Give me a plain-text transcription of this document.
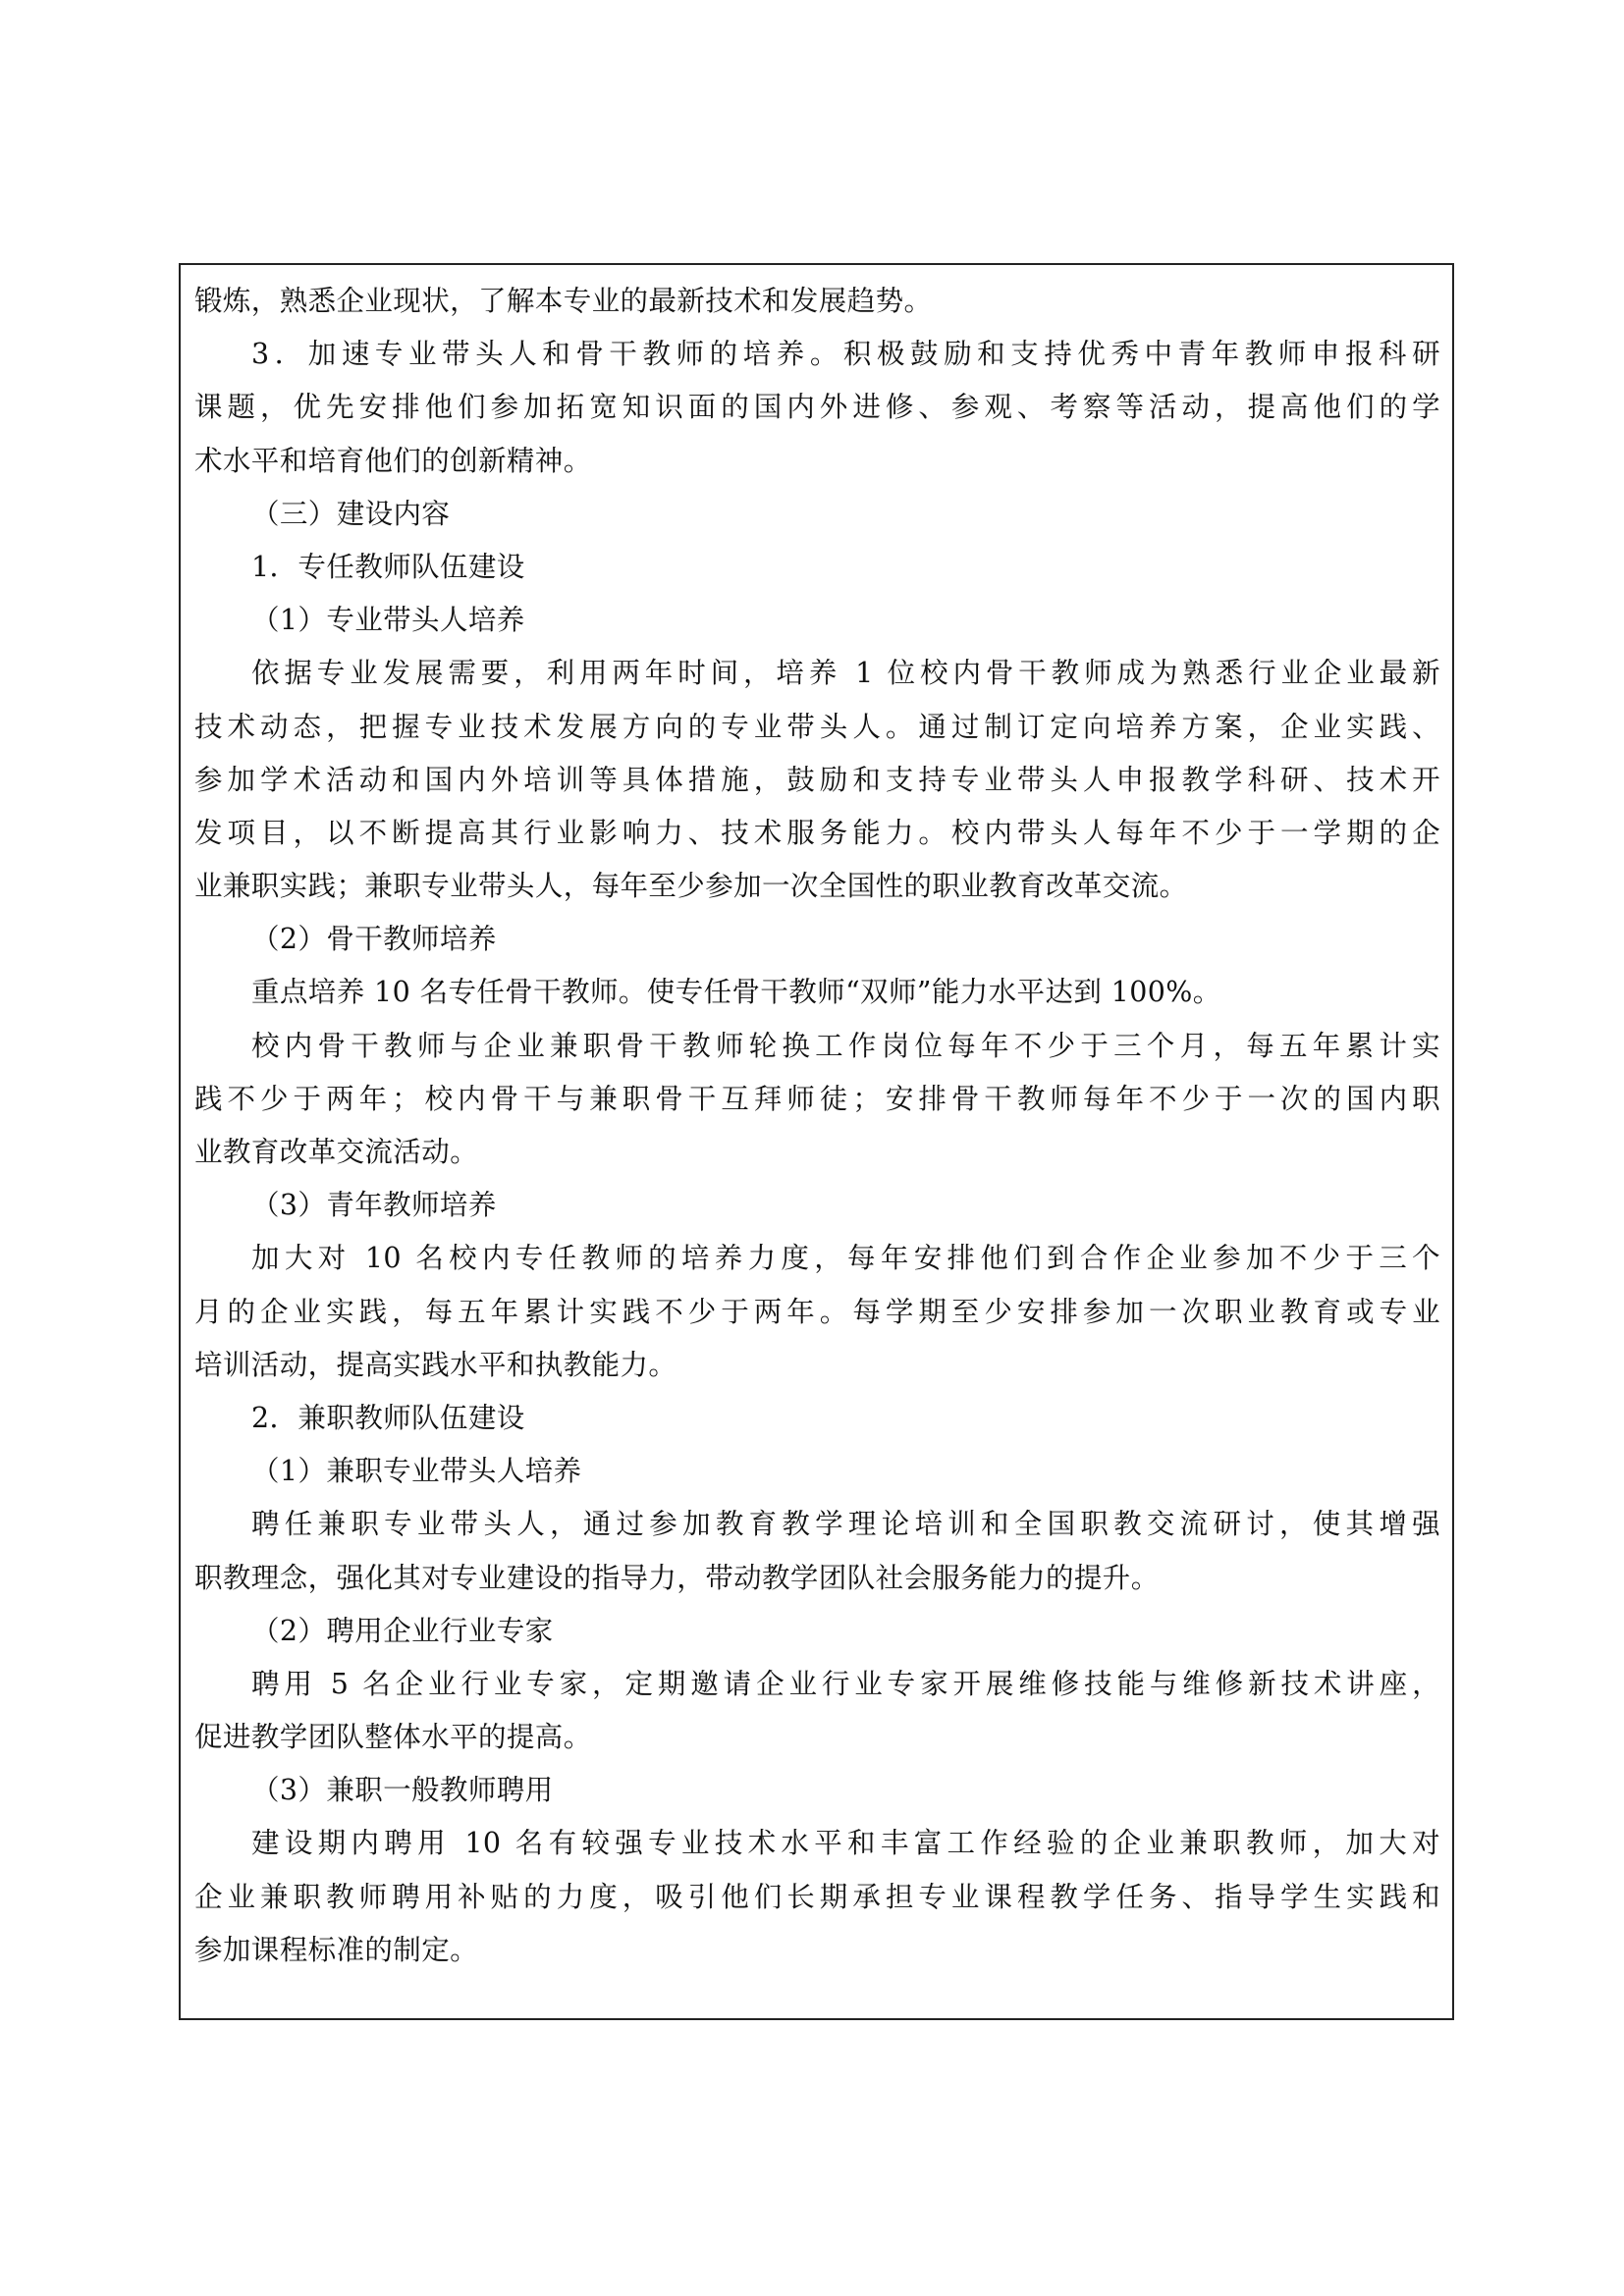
锻炼，熟悉企业现状，了解本专业的最新技术和发展趋势。
3．加速专业带头人和骨干教师的培养。积极鼓励和支持优秀中青年教师申报科研
课题，优先安排他们参加拓宽知识面的国内外进修、参观、考察等活动，提高他们的学
术水平和培育他们的创新精神。
（三）建设内容
1．专任教师队伍建设
（1）专业带头人培养
依据专业发展需要，利用两年时间，培养 1 位校内骨干教师成为熟悉行业企业最新
技术动态，把握专业技术发展方向的专业带头人。通过制订定向培养方案，企业实践、
参加学术活动和国内外培训等具体措施，鼓励和支持专业带头人申报教学科研、技术开
发项目，以不断提高其行业影响力、技术服务能力。校内带头人每年不少于一学期的企
业兼职实践；兼职专业带头人，每年至少参加一次全国性的职业教育改革交流。
（2）骨干教师培养
重点培养 10 名专任骨干教师。使专任骨干教师“双师”能力水平达到 100%。
校内骨干教师与企业兼职骨干教师轮换工作岗位每年不少于三个月，每五年累计实
践不少于两年；校内骨干与兼职骨干互拜师徒；安排骨干教师每年不少于一次的国内职
业教育改革交流活动。
（3）青年教师培养
加大对 10 名校内专任教师的培养力度，每年安排他们到合作企业参加不少于三个
月的企业实践，每五年累计实践不少于两年。每学期至少安排参加一次职业教育或专业
培训活动，提高实践水平和执教能力。
2．兼职教师队伍建设
（1）兼职专业带头人培养
聘任兼职专业带头人，通过参加教育教学理论培训和全国职教交流研讨，使其增强
职教理念，强化其对专业建设的指导力，带动教学团队社会服务能力的提升。
（2）聘用企业行业专家
聘用 5 名企业行业专家，定期邀请企业行业专家开展维修技能与维修新技术讲座，
促进教学团队整体水平的提高。
（3）兼职一般教师聘用
建设期内聘用 10 名有较强专业技术水平和丰富工作经验的企业兼职教师，加大对
企业兼职教师聘用补贴的力度，吸引他们长期承担专业课程教学任务、指导学生实践和
参加课程标准的制定。
